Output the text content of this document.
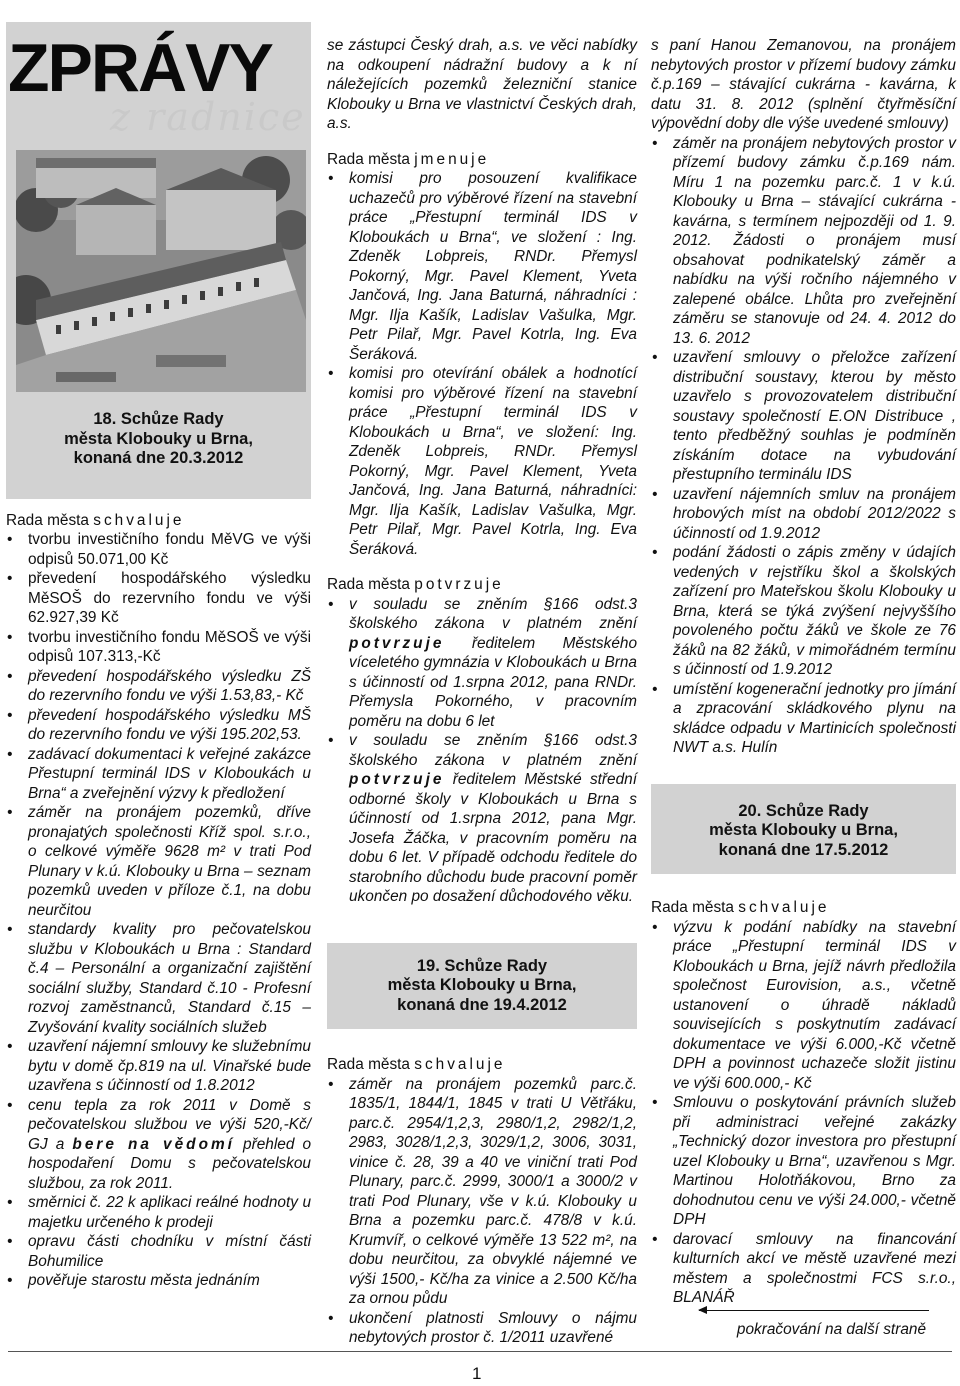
ZPRÁVY
z radnice
18. Schůze Rady
města Klobouky u Brna,
konaná dne 20.3.2012
Rada města schvaluje
• tvorbu investičního fondu MěVG ve výši odpisů 50.071,00 Kč
• převedení hospodářského výsledku MěSOŠ do rezervního fondu ve výši 62.927,39 Kč
• tvorbu investičního fondu MěSOŠ ve výši odpisů 107.313,-Kč
• převedení hospodářského výsledku ZŠ do rezervního fondu ve výši 1.53,83,- Kč
• převedení hospodářského výsledku MŠ do rezervního fondu ve výši 195.202,53.
• zadávací dokumentaci k veřejné zakázce Přestupní terminál IDS v Kloboukách u Brna“ a zveřejnění výzvy k předložení
• záměr na pronájem pozemků, dříve pronajatých společnosti Kříž spol. s.r.o., o celkové výměře 9628 m² v trati Pod Plunary v k.ú. Klobouky u Brna – seznam pozemků uveden v příloze č.1, na dobu neurčitou
• standardy kvality pro pečovatelskou službu v Kloboukách u Brna : Standard č.4 – Personální a organizační zajištění sociální služby, Standard č.10 - Profesní rozvoj zaměstnanců, Standard č.15 – Zvyšování kvality sociálních služeb
• uzavření nájemní smlouvy ke služebnímu bytu v domě čp.819 na ul. Vinařské bude uzavřena s účinností od 1.8.2012
• cenu tepla za rok 2011 v Domě s pečovatelskou službou ve výši 520,-Kč/ GJ a bere na vědomí přehled o hospodaření Domu s pečovatelskou službou, za rok 2011.
• směrnici č. 22 k aplikaci reálné hodnoty u majetku určeného k prodeji
• opravu části chodníku v místní části Bohumilice
• pověřuje starostu města jednáním

se zástupci Český drah, a.s. ve věci nabídky na odkoupení nádražní budovy a k ní náležejících pozemků železniční stanice Klobouky u Brna ve vlastnictví Českých drah, a.s.

Rada města jmenuje
• komisi pro posouzení kvalifikace uchazečů pro výběrové řízení na stavební práce „Přestupní terminál IDS v Kloboukách u Brna“, ve složení : Ing. Zdeněk Lobpreis, RNDr. Přemysl Pokorný, Mgr. Pavel Klement, Yveta Jančová, Ing. Jana Baturná, náhradníci : Mgr. Ilja Kašík, Ladislav Vašulka, Mgr. Petr Pilař, Mgr. Pavel Kotrla, Ing. Eva Šeráková.
• komisi pro otevírání obálek a hodnotící komisi pro výběrové řízení na stavební práce „Přestupní terminál IDS v Kloboukách u Brna“, ve složení: Ing. Zdeněk Lobpreis, RNDr. Přemysl Pokorný, Mgr. Pavel Klement, Yveta Jančová, Ing. Jana Baturná, náhradníci: Mgr. Ilja Kašík, Ladislav Vašulka, Mgr. Petr Pilař, Mgr. Pavel Kotrla, Ing. Eva Šeráková.
Rada města potvrzuje
• v souladu se zněním §166 odst.3 školského zákona v platném znění potvrzuje ředitelem Městského víceletého gymnázia v Kloboukách u Brna s účinností od 1.srpna 2012, pana RNDr. Přemysla Pokorného, v pracovním poměru na dobu 6 let
• v souladu se zněním §166 odst.3 školského zákona v platném znění potvrzuje ředitelem Městské střední odborné školy v Kloboukách u Brna s účinností od 1.srpna 2012, pana Mgr. Josefa Žáčka, v pracovním poměru na dobu 6 let. V případě odchodu ředitele do starobního důchodu bude pracovní poměr ukončen po dosažení důchodového věku.
19. Schůze Rady
města Klobouky u Brna,
konaná dne 19.4.2012
Rada města schvaluje
• záměr na pronájem pozemků parc.č. 1835/1, 1844/1, 1845 v trati U Větřáku, parc.č. 2954/1,2,3, 2980/1,2, 2982/1,2, 2983, 3028/1,2,3, 3029/1,2, 3006, 3031, vinice č. 28, 39 a 40 ve viniční trati Pod Plunary, parc.č. 2999, 3000/1 a 3000/2 v trati Pod Plunary, vše v k.ú. Klobouky u Brna a pozemku parc.č. 478/8 v k.ú. Krumvíř, o celkové výměře 13 522 m², na dobu neurčitou, za obvyklé nájemné ve výši 1500,- Kč/ha za vinice a 2.500 Kč/ha za ornou půdu
• ukončení platnosti Smlouvy o nájmu nebytových prostor č. 1/2011 uzavřené

s paní Hanou Zemanovou, na pronájem nebytových prostor v přízemí budovy zámku č.p.169 – stávající cukrárna - kavárna, k datu 31. 8. 2012 (splnění čtyřměsíční výpovědní doby dle výše uvedené smlouvy)

• záměr na pronájem nebytových prostor v přízemí budovy zámku č.p.169 nám. Míru 1 na pozemku parc.č. 1 v k.ú. Klobouky u Brna – stávající cukrárna - kavárna, s termínem nejpozději od 1. 9. 2012. Žádosti o pronájem musí obsahovat podnikatelský záměr a nabídku na výši ročního nájemného v zalepené obálce. Lhůta pro zveřejnění záměru se stanovuje od 24. 4. 2012 do 13. 6. 2012
• uzavření smlouvy o přeložce zařízení distribuční soustavy, kterou by město uzavřelo s provozovatelem distribuční soustavy společností E.ON Distribuce , tento předběžný souhlas je podmíněn získáním dotace na vybudování přestupního terminálu IDS
• uzavření nájemních smluv na pronájem hrobových míst na období 2012/2022 s účinností od 1.9.2012
• podání žádosti o zápis změny v údajích vedených v rejstříku škol a školských zařízení pro Mateřskou školu Klobouky u Brna, která se týká zvýšení nejvyššího povoleného počtu žáků ve škole ze 76 žáků na 82 žáků, v mimořádném termínu s účinností od 1.9.2012
• umístění kogenerační jednotky pro jímání a zpracování skládkového plynu na skládce odpadu v Martinicích společnosti NWT a.s. Hulín
20. Schůze Rady
města Klobouky u Brna,
konaná dne 17.5.2012
Rada města schvaluje
• výzvu k podání nabídky na stavební práce „Přestupní terminál IDS v Kloboukách u Brna, jejíž návrh předložila společnost Eurovision, a.s., včetně ustanovení o úhradě nákladů souvisejících s poskytnutím zadávací dokumentace ve výši 6.000,-Kč včetně DPH a povinnost uchazeče složit jistinu ve výši 600.000,- Kč
• Smlouvu o poskytování právních služeb při administraci veřejné zakázky „Technický dozor investora pro přestupní uzel Klobouky u Brna“, uzavřenou s Mgr. Martinou Holotňákovou, Brno za dohodnutou cenu ve výši 24.000,- včetně DPH
• darovací smlouvy na financování kulturních akcí ve městě uzavřené mezi městem a společnostmi FCS s.r.o., BLANÁŘ
pokračování na další straně
1
